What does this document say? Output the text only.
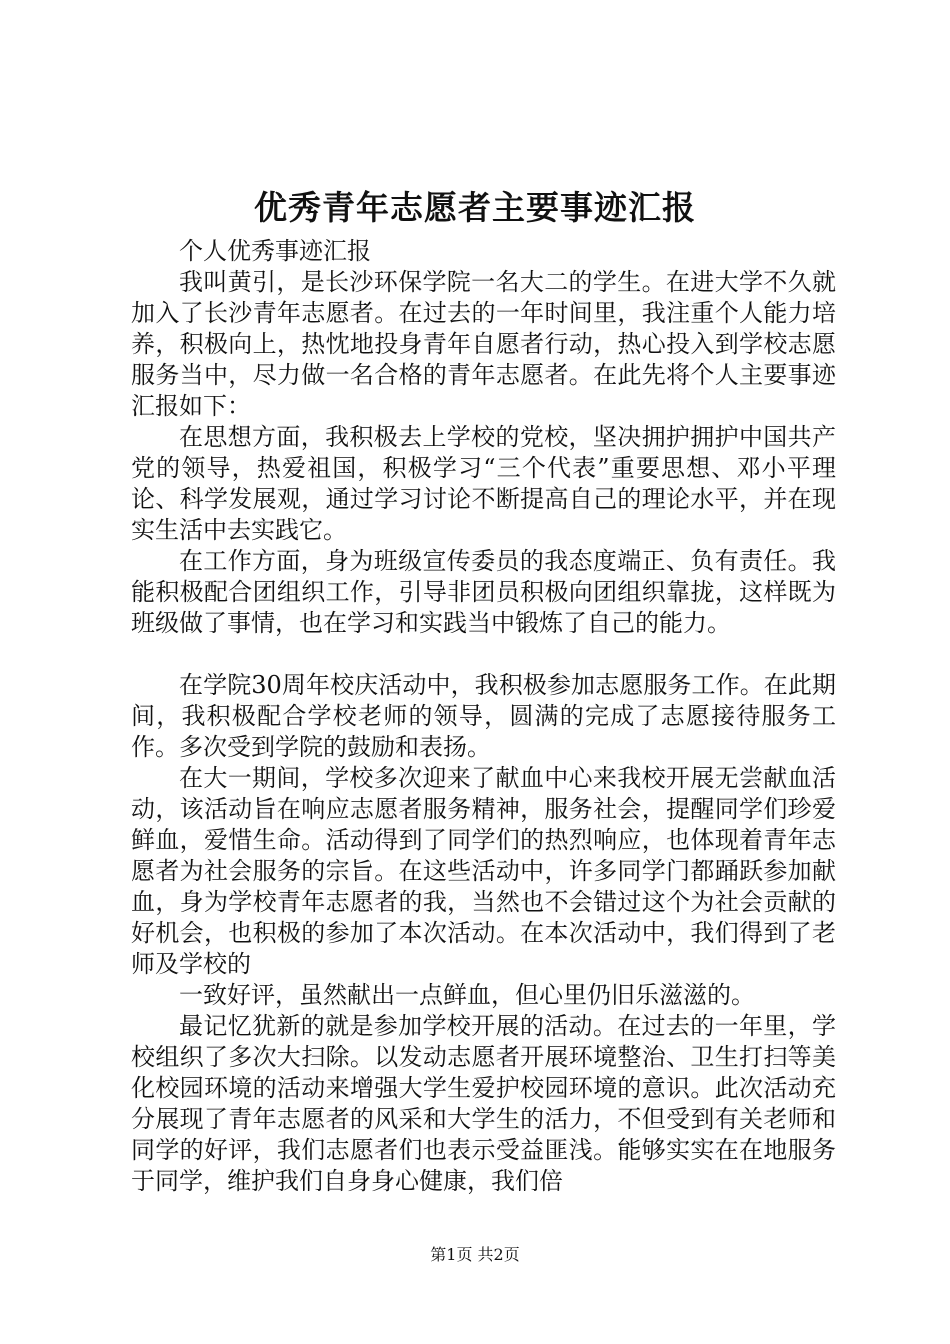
优秀青年志愿者主要事迹汇报

个人优秀事迹汇报

我叫黄引，是长沙环保学院一名大二的学生。在进大学不久就加入了长沙青年志愿者。在过去的一年时间里，我注重个人能力培养，积极向上，热忱地投身青年自愿者行动，热心投入到学校志愿服务当中，尽力做一名合格的青年志愿者。在此先将个人主要事迹汇报如下：

在思想方面，我积极去上学校的党校，坚决拥护拥护中国共产党的领导，热爱祖国，积极学习“三个代表”重要思想、邓小平理论、科学发展观，通过学习讨论不断提高自己的理论水平，并在现实生活中去实践它。

在工作方面，身为班级宣传委员的我态度端正、负有责任。我能积极配合团组织工作，引导非团员积极向团组织靠拢，这样既为班级做了事情，也在学习和实践当中锻炼了自己的能力。

在学院30周年校庆活动中，我积极参加志愿服务工作。在此期间，我积极配合学校老师的领导，圆满的完成了志愿接待服务工作。多次受到学院的鼓励和表扬。

在大一期间，学校多次迎来了献血中心来我校开展无尝献血活动，该活动旨在响应志愿者服务精神，服务社会，提醒同学们珍爱鲜血，爱惜生命。活动得到了同学们的热烈响应，也体现着青年志愿者为社会服务的宗旨。在这些活动中，许多同学门都踊跃参加献血，身为学校青年志愿者的我，当然也不会错过这个为社会贡献的好机会，也积极的参加了本次活动。在本次活动中，我们得到了老师及学校的

一致好评，虽然献出一点鲜血，但心里仍旧乐滋滋的。

最记忆犹新的就是参加学校开展的活动。在过去的一年里，学校组织了多次大扫除。以发动志愿者开展环境整治、卫生打扫等美化校园环境的活动来增强大学生爱护校园环境的意识。此次活动充分展现了青年志愿者的风采和大学生的活力，不但受到有关老师和同学的好评，我们志愿者们也表示受益匪浅。能够实实在在地服务于同学，维护我们自身身心健康，我们倍

第1页 共2页
